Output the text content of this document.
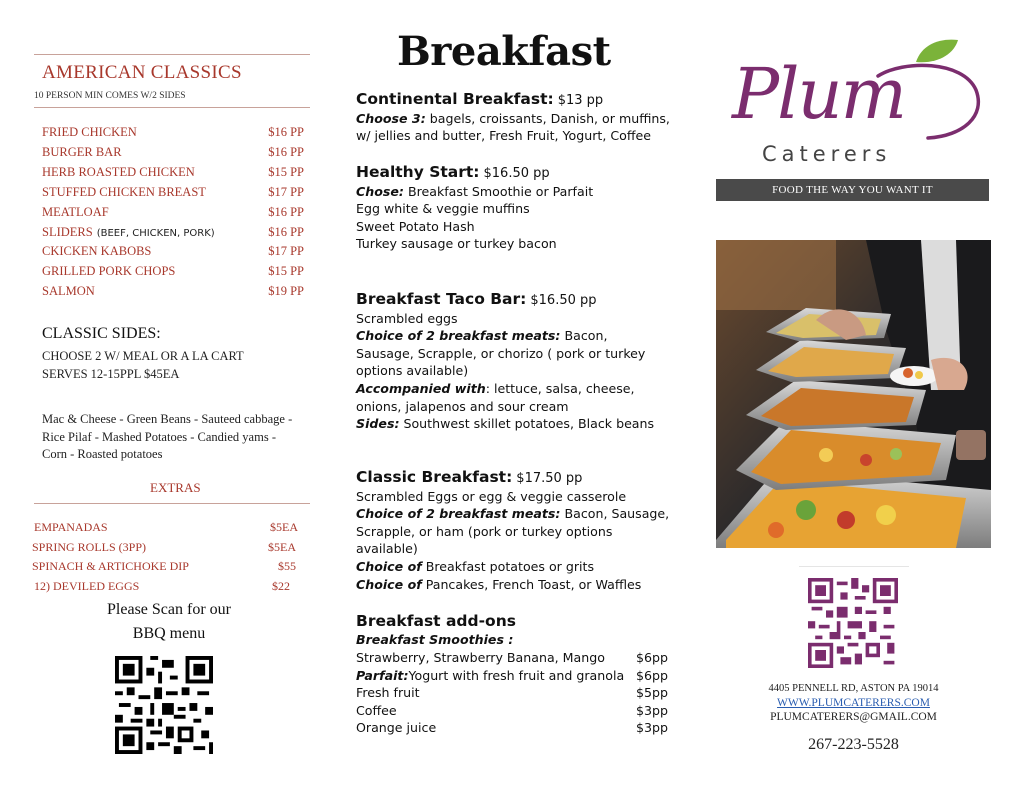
AMERICAN CLASSICS
10 PERSON MIN COMES W/2 SIDES
FRIED CHICKEN	$16 PP
BURGER BAR	$16 PP
HERB ROASTED CHICKEN	$15 PP
STUFFED CHICKEN BREAST	$17 PP
MEATLOAF	$16 PP
SLIDERS (BEEF, CHICKEN, PORK)	$16 PP
CKICKEN KABOBS	$17 PP
GRILLED PORK CHOPS	$15 PP
SALMON	$19 PP
CLASSIC SIDES:
CHOOSE 2 W/ MEAL OR A LA CART
SERVES 12-15PPL $45EA
Mac & Cheese - Green Beans - Sauteed cabbage - Rice Pilaf - Mashed Potatoes - Candied yams - Corn - Roasted potatoes
EXTRAS
EMPANADAS	$5EA
SPRING ROLLS (3PP)	$5EA
SPINACH & ARTICHOKE DIP	$55
12) DEVILED EGGS	$22
Please Scan for our
BBQ menu
Breakfast
Continental Breakfast: $13 pp
Choose 3: bagels, croissants, Danish, or muffins,
w/ jellies and butter, Fresh Fruit, Yogurt, Coffee
Healthy Start: $16.50 pp
Chose: Breakfast Smoothie or Parfait
Egg white & veggie muffins
Sweet Potato Hash
Turkey sausage or turkey bacon
Breakfast Taco Bar: $16.50 pp
Scrambled eggs
Choice of 2 breakfast meats: Bacon, Sausage, Scrapple, or chorizo ( pork or turkey options available)
Accompanied with: lettuce, salsa, cheese, onions, jalapenos and sour cream
Sides: Southwest skillet potatoes, Black beans
Classic Breakfast: $17.50 pp
Scrambled Eggs or egg & veggie casserole
Choice of 2 breakfast meats: Bacon, Sausage, Scrapple, or ham (pork or turkey options available)
Choice of Breakfast potatoes or grits
Choice of Pancakes, French Toast, or Waffles
Breakfast add-ons
Breakfast Smoothies :
Strawberry, Strawberry Banana, Mango $6pp
Parfait:Yogurt with fresh fruit and granola $6pp
Fresh fruit	$5pp
Coffee	$3pp
Orange juice	$3pp
Plum
Caterers
FOOD THE WAY YOU WANT IT
4405 PENNELL RD, ASTON PA 19014
WWW.PLUMCATERERS.COM
PLUMCATERERS@GMAIL.COM
267-223-5528
